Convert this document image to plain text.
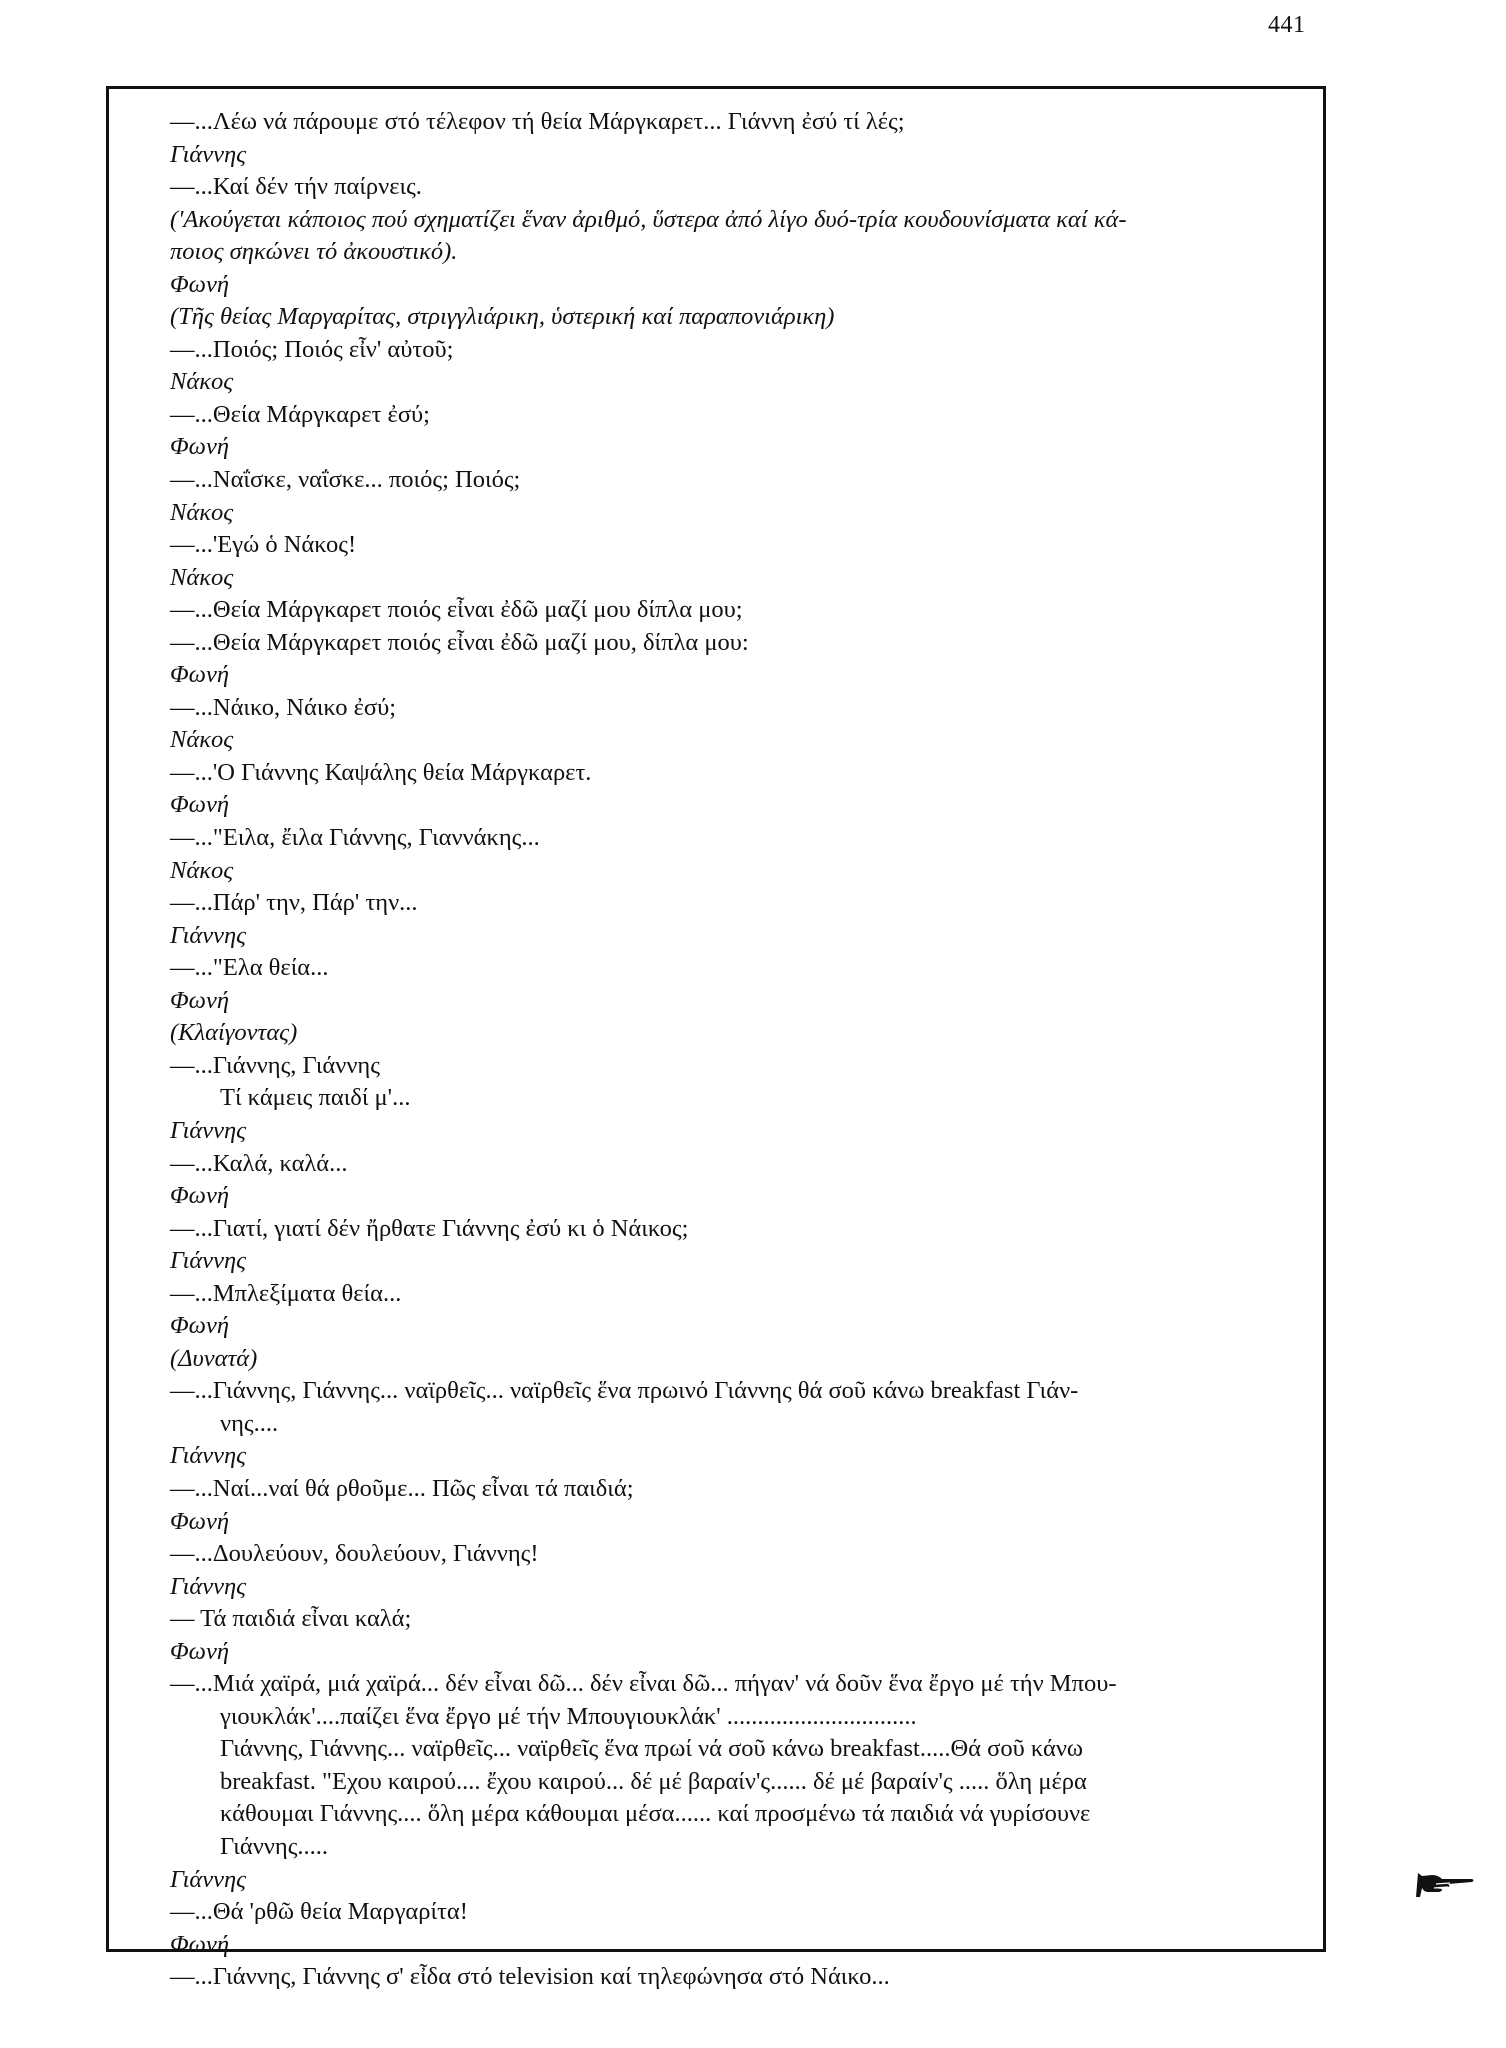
441
—...Λέω νά πάρουμε στό τέλεφον τή θεία Μάργκαρετ... Γιάννη ἐσύ τί λές;
Γιάννης
—...Καί δέν τήν παίρνεις.
('Ακούγεται κάποιος πού σχηματίζει ἕναν ἀριθμό, ὕστερα ἀπό λίγο δυό-τρία κουδουνίσματα καί κά-
ποιος σηκώνει τό ἀκουστικό).
Φωνή
(Τῆς θείας Μαργαρίτας, στριγγλιάρικη, ὑστερική καί παραπονιάρικη)
—...Ποιός; Ποιός εἶν' αὐτοῦ;
Νάκος
—...Θεία Μάργκαρετ ἐσύ;
Φωνή
—...Ναΐσκε, ναΐσκε... ποιός; Ποιός;
Νάκος
—...'Εγώ ὁ Νάκος!
Νάκος
—...Θεία Μάργκαρετ ποιός εἶναι ἐδῶ μαζί μου δίπλα μου;
—...Θεία Μάργκαρετ ποιός εἶναι ἐδῶ μαζί μου, δίπλα μου:
Φωνή
—...Νάικο, Νάικο ἐσύ;
Νάκος
—...'Ο Γιάννης Καψάλης θεία Μάργκαρετ.
Φωνή
—..."Ειλα, ἔιλα Γιάννης, Γιαννάκης...
Νάκος
—...Πάρ' την, Πάρ' την...
Γιάννης
—..."Ελα θεία...
Φωνή
(Κλαίγοντας)
—...Γιάννης, Γιάννης
Τί κάμεις παιδί μ'...
Γιάννης
—...Καλά, καλά...
Φωνή
—...Γιατί, γιατί δέν ἤρθατε Γιάννης ἐσύ κι ὁ Νάικος;
Γιάννης
—...Μπλεξίματα θεία...
Φωνή
(Δυνατά)
—...Γιάννης, Γιάννης... ναϊρθεῖς... ναϊρθεῖς ἕνα πρωινό Γιάννης θά σοῦ κάνω breakfast Γιάν-
νης....
Γιάννης
—...Ναί...ναί θά ρθοῦμε... Πῶς εἶναι τά παιδιά;
Φωνή
—...Δουλεύουν, δουλεύουν, Γιάννης!
Γιάννης
— Τά παιδιά εἶναι καλά;
Φωνή
—...Μιά χαϊρά, μιά χαϊρά... δέν εἶναι δῶ... δέν εἶναι δῶ... πήγαν' νά δοῦν ἕνα ἔργο μέ τήν Μπου-
γιουκλάκ'....παίζει ἕνα ἔργο μέ τήν Μπουγιουκλάκ' ...............................
Γιάννης, Γιάννης... ναϊρθεῖς... ναϊρθεῖς ἕνα πρωί νά σοῦ κάνω breakfast.....Θά σοῦ κάνω
breakfast. "Εχου καιρού.... ἔχου καιρού... δέ μέ βαραίν'ς...... δέ μέ βαραίν'ς ..... ὅλη μέρα
κάθουμαι Γιάννης.... ὅλη μέρα κάθουμαι μέσα...... καί προσμένω τά παιδιά νά γυρίσουνε
Γιάννης.....
Γιάννης
—...Θά 'ρθῶ θεία Μαργαρίτα!
Φωνή
—...Γιάννης, Γιάννης σ' εἶδα στό television καί τηλεφώνησα στό Νάικο...
